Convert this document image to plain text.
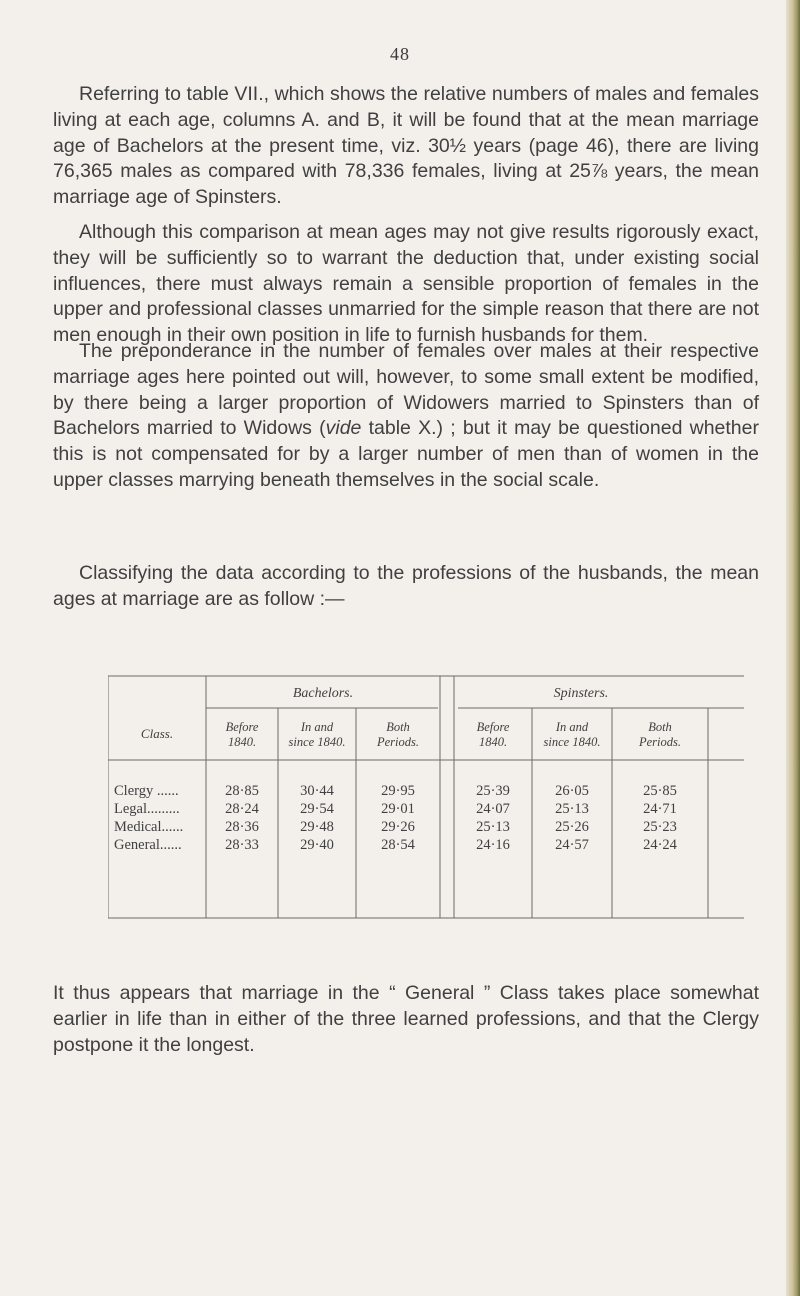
48

Referring to table VII., which shows the relative numbers of males and females living at each age, columns A. and B, it will be found that at the mean marriage age of Bachelors at the present time, viz. 30½ years (page 46), there are living 76,365 males as compared with 78,336 females, living at 25⅞ years, the mean marriage age of Spinsters.

Although this comparison at mean ages may not give results rigorously exact, they will be sufficiently so to warrant the deduction that, under existing social influences, there must always remain a sensible proportion of females in the upper and professional classes unmarried for the simple reason that there are not men enough in their own position in life to furnish husbands for them.

The preponderance in the number of females over males at their respective marriage ages here pointed out will, however, to some small extent be modified, by there being a larger proportion of Widowers married to Spinsters than of Bachelors married to Widows (vide table X.) ; but it may be questioned whether this is not compensated for by a larger number of men than of women in the upper classes marrying beneath themselves in the social scale.

Classifying the data according to the professions of the husbands, the mean ages at marriage are as follow :—

Class.
Bachelors.	Spinsters.
Before
1840.
In and
since 1840.
Both
Periods.
Before
1840.
In and
since 1840.
Both
Periods.
Clergy ......	28·85	30·44	29·95	25·39	26·05	25·85
Legal.........	28·24	29·54	29·01	24·07	25·13	24·71
Medical......	28·36	29·48	29·26	25·13	25·26	25·23
General......	28·33	29·40	28·54	24·16	24·57	24·24

It thus appears that marriage in the “ General ” Class takes place somewhat earlier in life than in either of the three learned professions, and that the Clergy postpone it the longest.
